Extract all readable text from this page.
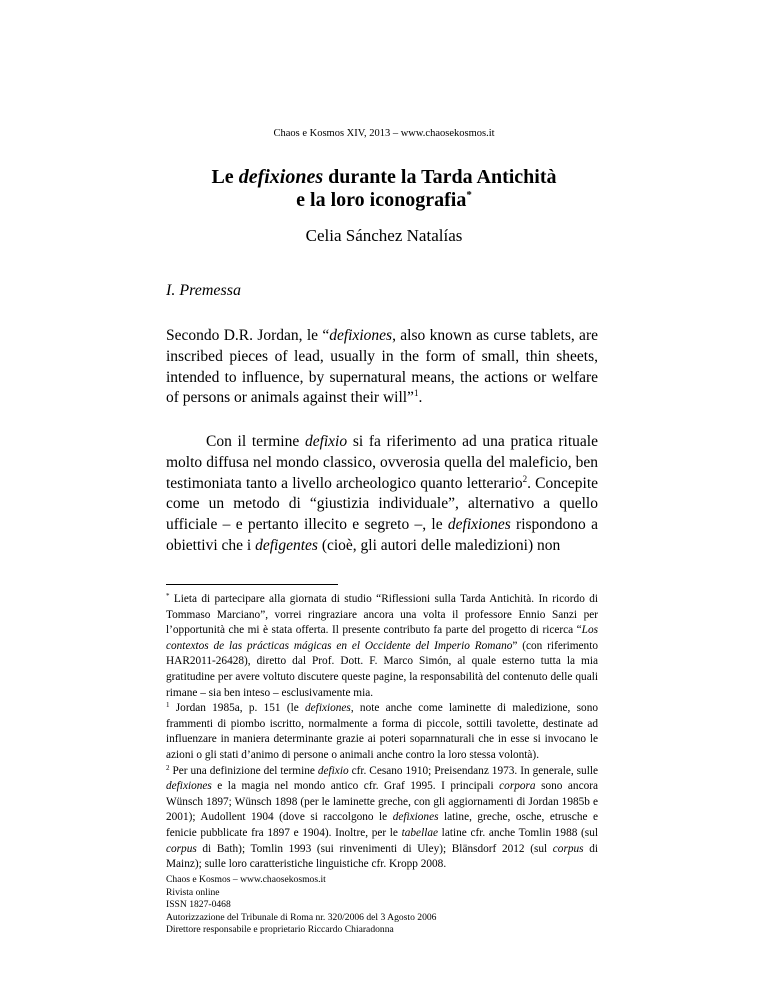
Chaos e Kosmos XIV, 2013 – www.chaosekosmos.it
Le defixiones durante la Tarda Antichità
e la loro iconografia*
Celia Sánchez Natalías
I. Premessa

Secondo D.R. Jordan, le “defixiones, also known as curse tablets, are inscribed pieces of lead, usually in the form of small, thin sheets, intended to influence, by supernatural means, the actions or welfare of persons or animals against their will”$^1$.

Con il termine defixio si fa riferimento ad una pratica rituale molto diffusa nel mondo classico, ovverosia quella del maleficio, ben testimoniata tanto a livello archeologico quanto letterario$^2$. Concepite come un metodo di “giustizia individuale”, alternativo a quello ufficiale – e pertanto illecito e segreto –, le defixiones rispondono a obiettivi che i defigentes (cioè, gli autori delle maledizioni) non

* Lieta di partecipare alla giornata di studio “Riflessioni sulla Tarda Antichità. In ricordo di Tommaso Marciano”, vorrei ringraziare ancora una volta il professore Ennio Sanzi per l’opportunità che mi è stata offerta. Il presente contributo fa parte del progetto di ricerca “Los contextos de las prácticas mágicas en el Occidente del Imperio Romano” (con riferimento HAR2011-26428), diretto dal Prof. Dott. F. Marco Simón, al quale esterno tutta la mia gratitudine per avere voltuto discutere queste pagine, la responsabilità del contenuto delle quali rimane – sia ben inteso – esclusivamente mia.

$^1$ Jordan 1985a, p. 151 (le defixiones, note anche come laminette di maledizione, sono frammenti di piombo iscritto, normalmente a forma di piccole, sottili tavolette, destinate ad influenzare in maniera determinante grazie ai poteri soparnnaturali che in esse si invocano le azioni o gli stati d’animo di persone o animali anche contro la loro stessa volontà).

$^2$ Per una definizione del termine defixio cfr. Cesano 1910; Preisendanz 1973. In generale, sulle defixiones e la magia nel mondo antico cfr. Graf 1995. I principali corpora sono ancora Wünsch 1897; Wünsch 1898 (per le laminette greche, con gli aggiornamenti di Jordan 1985b e 2001); Audollent 1904 (dove si raccolgono le defixiones latine, greche, osche, etrusche e fenicie pubblicate fra 1897 e 1904). Inoltre, per le tabellae latine cfr. anche Tomlin 1988 (sul corpus di Bath); Tomlin 1993 (sui rinvenimenti di Uley); Blänsdorf 2012 (sul corpus di Mainz); sulle loro caratteristiche linguistiche cfr. Kropp 2008.

Chaos e Kosmos – www.chaosekosmos.it
Rivista online
ISSN 1827-0468
Autorizzazione del Tribunale di Roma nr. 320/2006 del 3 Agosto 2006
Direttore responsabile e proprietario Riccardo Chiaradonna
